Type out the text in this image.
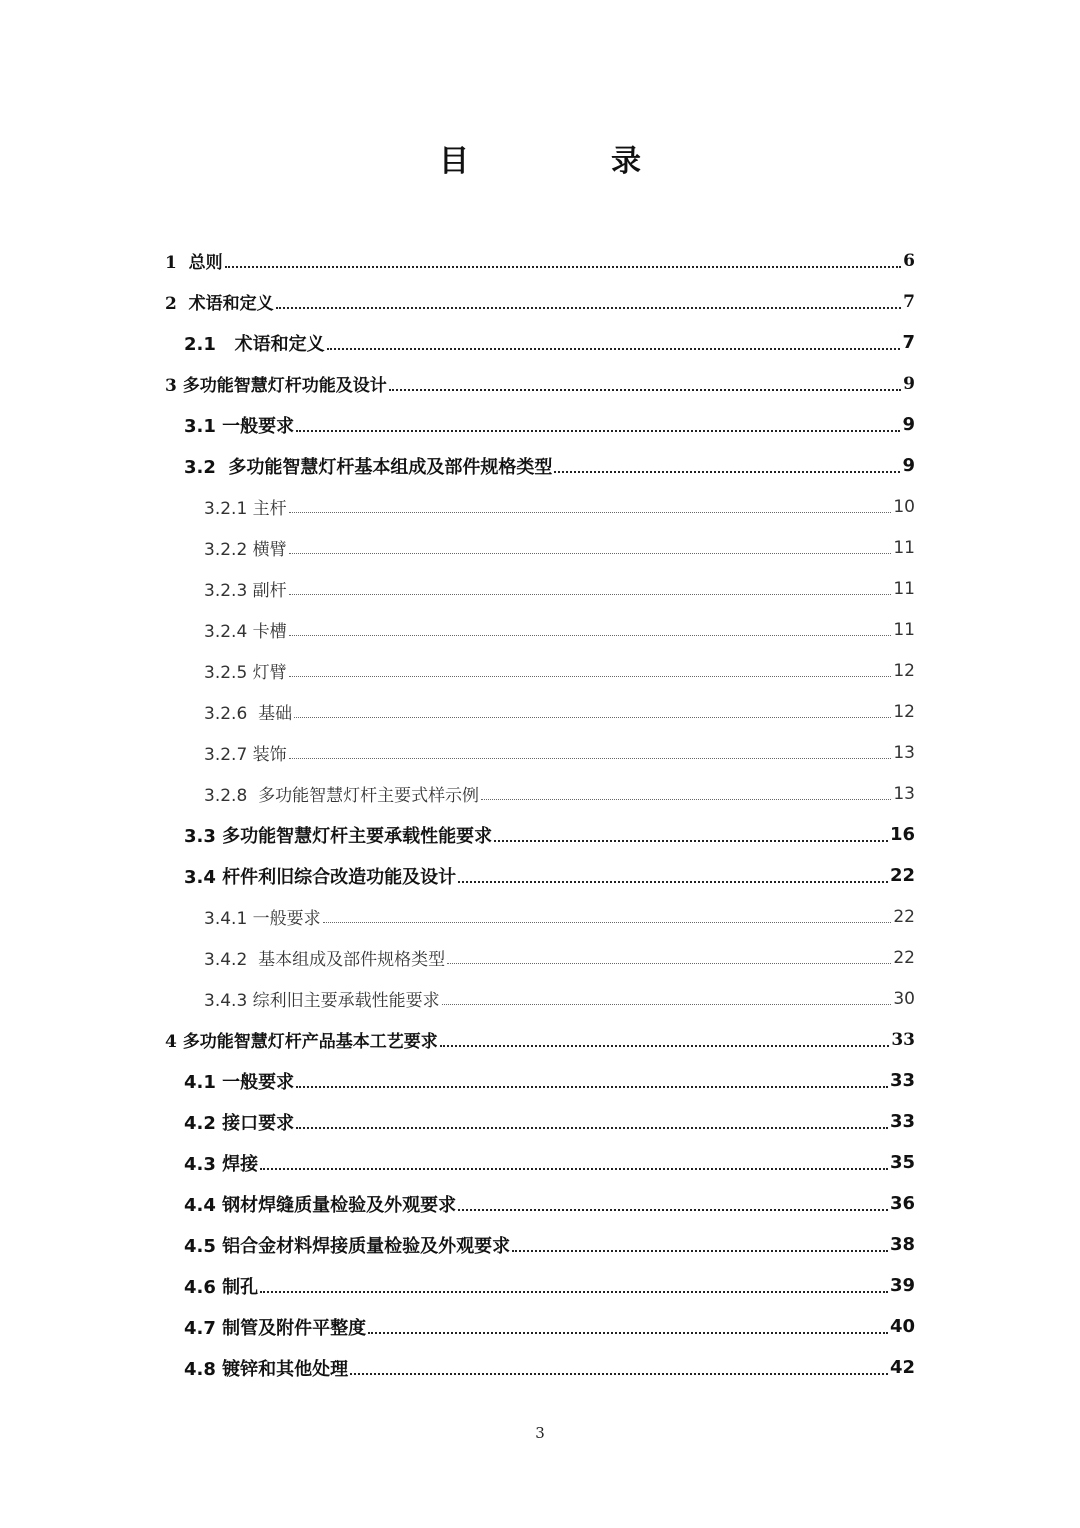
目　录
1  总则	6
2  术语和定义	7
2.1   术语和定义	7
3 多功能智慧灯杆功能及设计	9
3.1 一般要求	9
3.2  多功能智慧灯杆基本组成及部件规格类型	9
3.2.1 主杆	10
3.2.2 横臂	11
3.2.3 副杆	11
3.2.4 卡槽	11
3.2.5 灯臂	12
3.2.6  基础	12
3.2.7 装饰	13
3.2.8  多功能智慧灯杆主要式样示例	13
3.3 多功能智慧灯杆主要承载性能要求	16
3.4 杆件利旧综合改造功能及设计	22
3.4.1 一般要求	22
3.4.2  基本组成及部件规格类型	22
3.4.3 综利旧主要承载性能要求	30
4 多功能智慧灯杆产品基本工艺要求	33
4.1 一般要求	33
4.2 接口要求	33
4.3 焊接	35
4.4 钢材焊缝质量检验及外观要求	36
4.5 铝合金材料焊接质量检验及外观要求	38
4.6 制孔	39
4.7 制管及附件平整度	40
4.8 镀锌和其他处理	42
3
